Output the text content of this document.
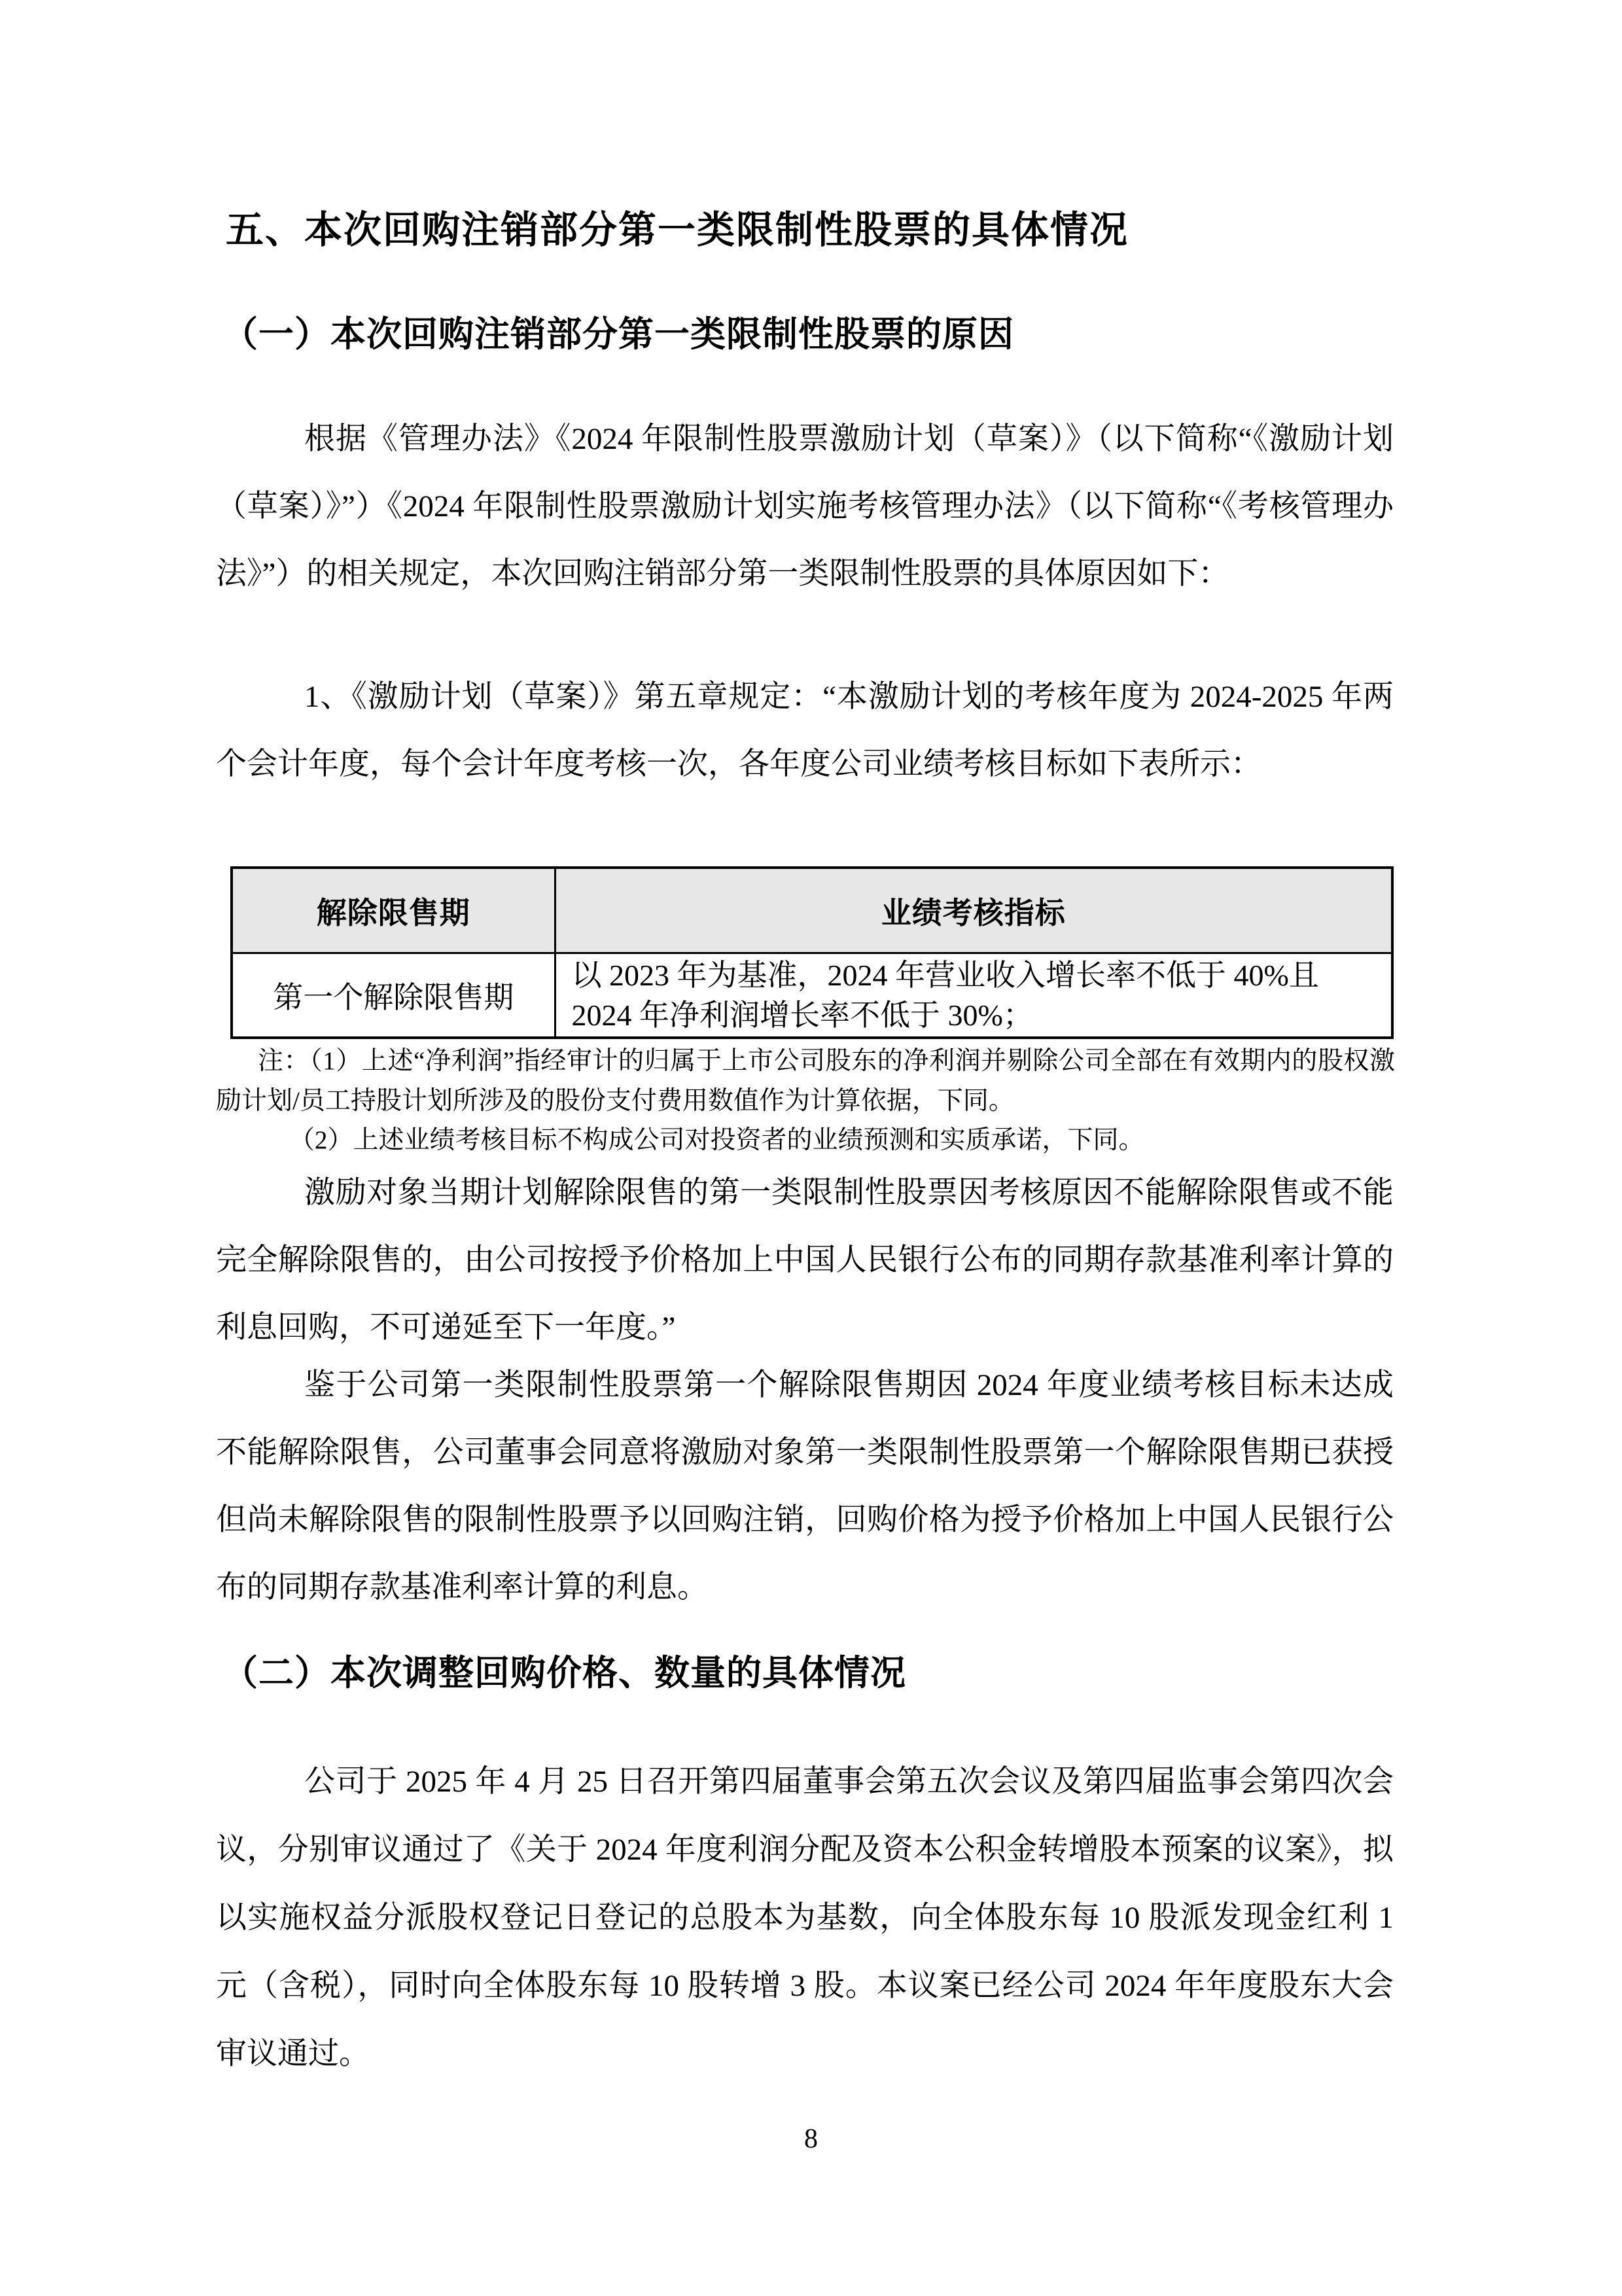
五、本次回购注销部分第一类限制性股票的具体情况
（一）本次回购注销部分第一类限制性股票的原因
根据《管理办法》《2024 年限制性股票激励计划（草案）》（以下简称“《激励计划（草案）》”）《2024 年限制性股票激励计划实施考核管理办法》（以下简称“《考核管理办法》”）的相关规定，本次回购注销部分第一类限制性股票的具体原因如下：
1、《激励计划（草案）》第五章规定：“本激励计划的考核年度为 2024-2025 年两个会计年度，每个会计年度考核一次，各年度公司业绩考核目标如下表所示：
解除限售期	业绩考核指标
第一个解除限售期	以 2023 年为基准，2024 年营业收入增长率不低于 40%且 2024 年净利润增长率不低于 30%；
注：（1）上述“净利润”指经审计的归属于上市公司股东的净利润并剔除公司全部在有效期内的股权激励计划/员工持股计划所涉及的股份支付费用数值作为计算依据，下同。
（2）上述业绩考核目标不构成公司对投资者的业绩预测和实质承诺，下同。
激励对象当期计划解除限售的第一类限制性股票因考核原因不能解除限售或不能完全解除限售的，由公司按授予价格加上中国人民银行公布的同期存款基准利率计算的利息回购，不可递延至下一年度。”
鉴于公司第一类限制性股票第一个解除限售期因 2024 年度业绩考核目标未达成不能解除限售，公司董事会同意将激励对象第一类限制性股票第一个解除限售期已获授但尚未解除限售的限制性股票予以回购注销，回购价格为授予价格加上中国人民银行公布的同期存款基准利率计算的利息。
（二）本次调整回购价格、数量的具体情况
公司于 2025 年 4 月 25 日召开第四届董事会第五次会议及第四届监事会第四次会议，分别审议通过了《关于 2024 年度利润分配及资本公积金转增股本预案的议案》，拟以实施权益分派股权登记日登记的总股本为基数，向全体股东每 10 股派发现金红利 1 元（含税），同时向全体股东每 10 股转增 3 股。本议案已经公司 2024 年年度股东大会审议通过。
8
